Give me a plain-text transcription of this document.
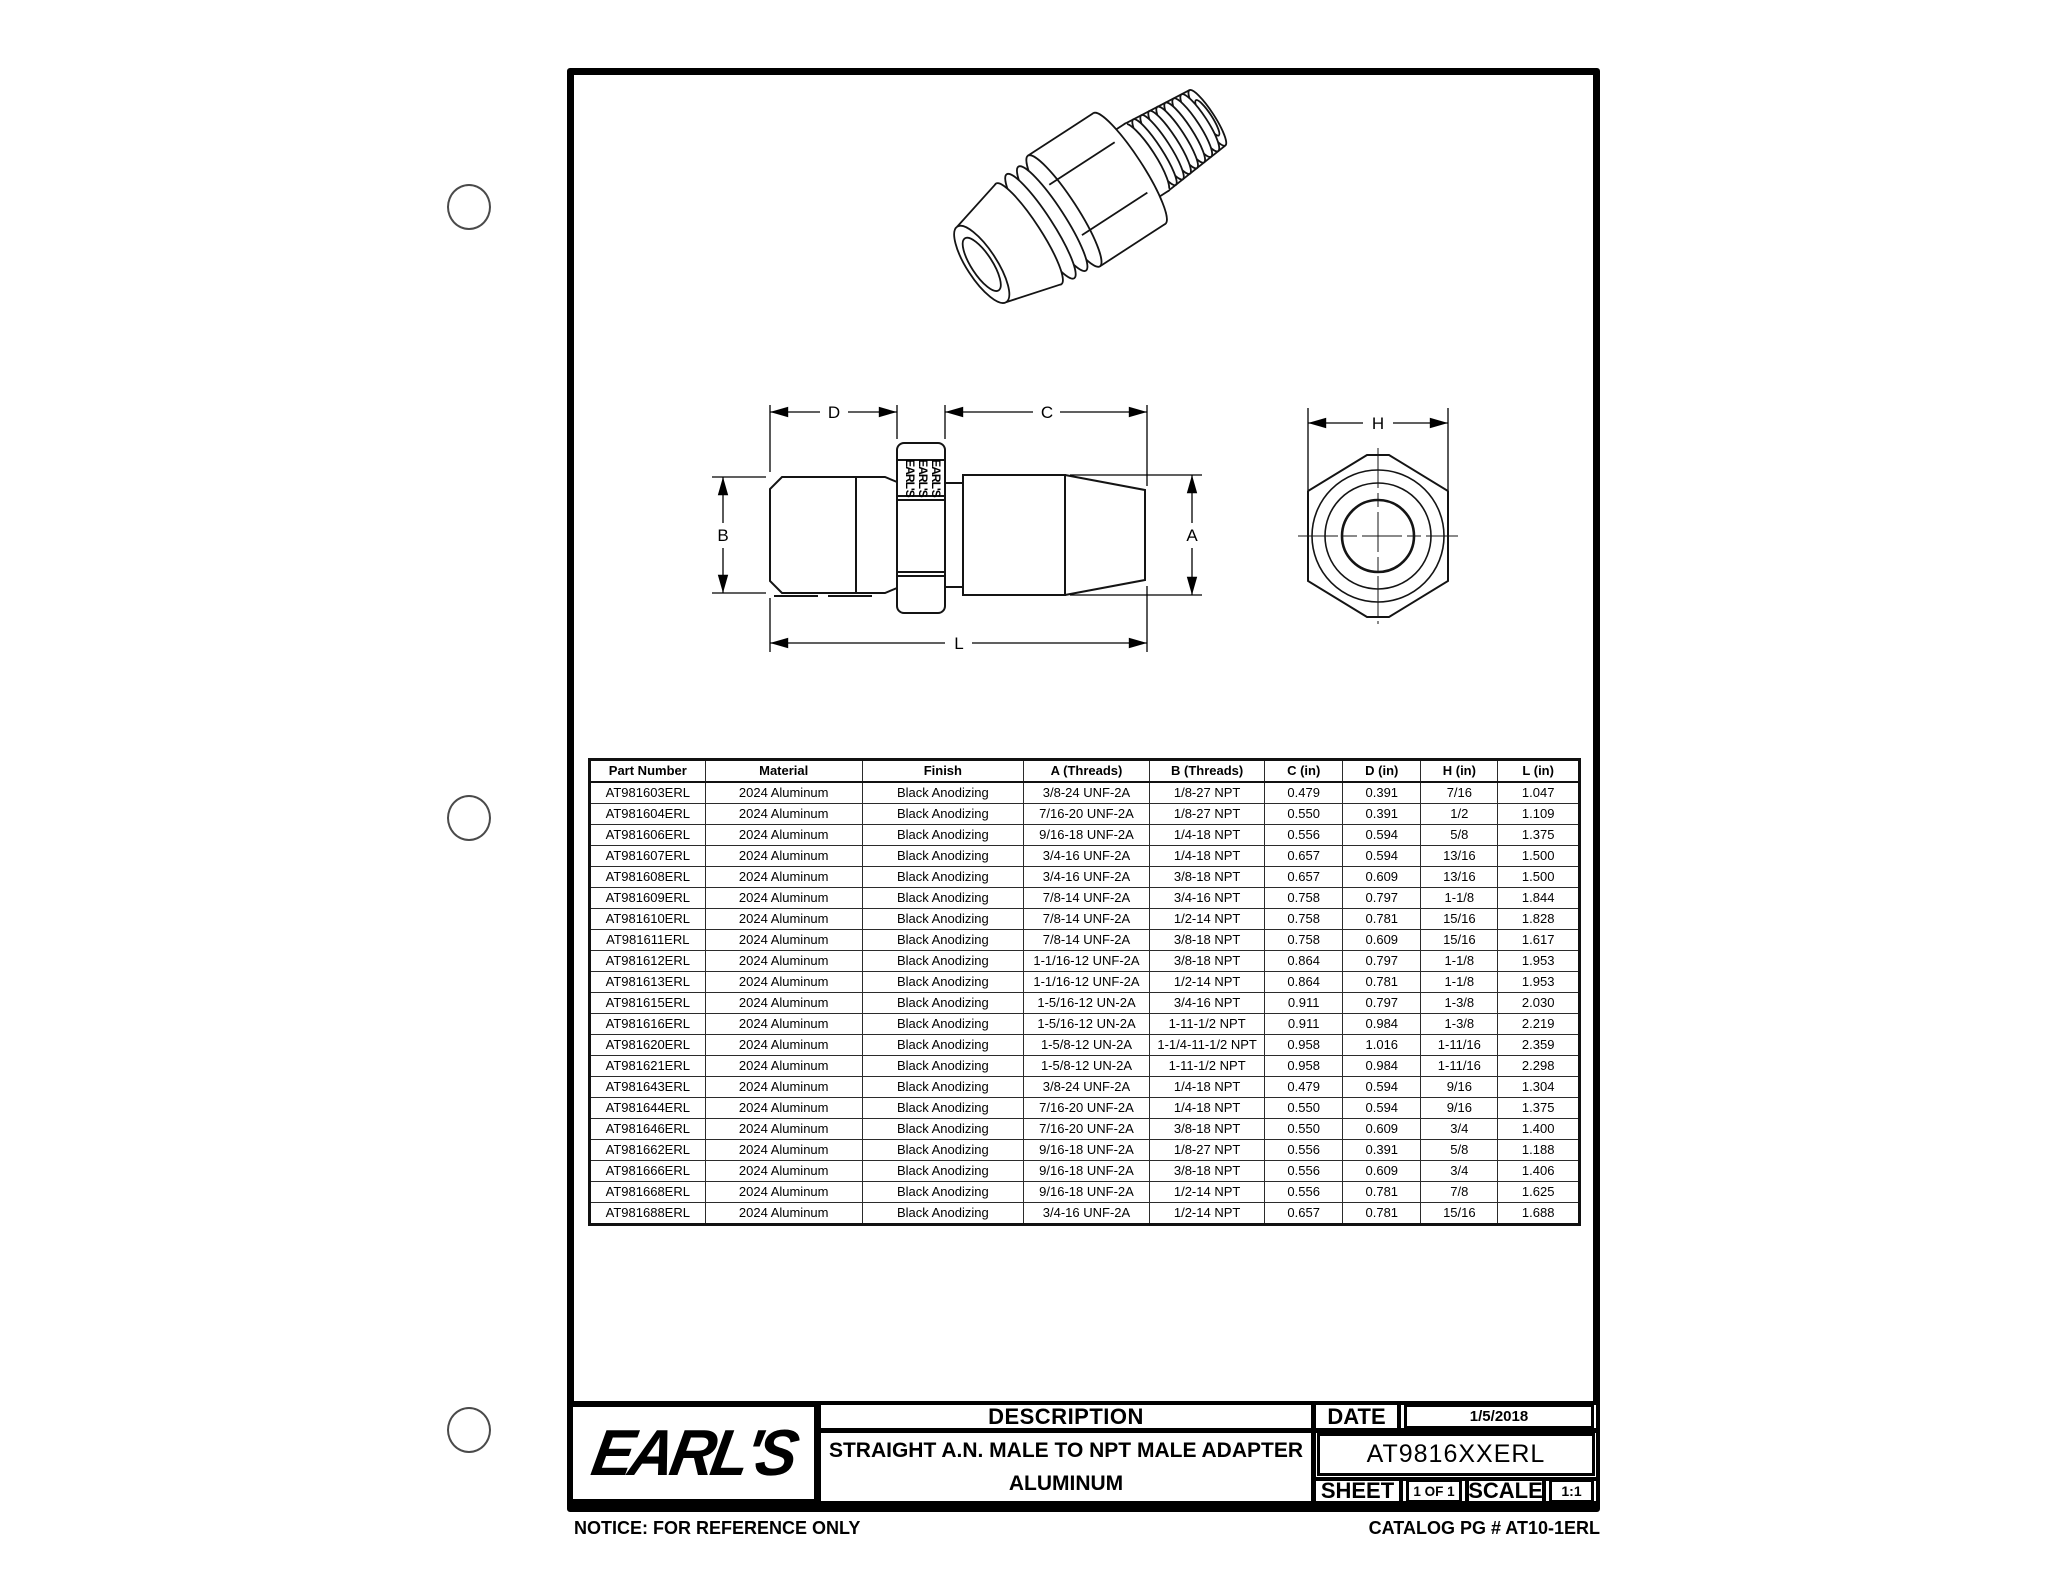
EARL'S EARL'S EARL'S
D	C
B	A
L
H
Part Number	Material	Finish	A (Threads)	B (Threads)	C (in)	D (in)	H (in)	L (in)
AT981603ERL	2024 Aluminum	Black Anodizing	3/8-24 UNF-2A	1/8-27 NPT	0.479	0.391	7/16	1.047
AT981604ERL	2024 Aluminum	Black Anodizing	7/16-20 UNF-2A	1/8-27 NPT	0.550	0.391	1/2	1.109
AT981606ERL	2024 Aluminum	Black Anodizing	9/16-18 UNF-2A	1/4-18 NPT	0.556	0.594	5/8	1.375
AT981607ERL	2024 Aluminum	Black Anodizing	3/4-16 UNF-2A	1/4-18 NPT	0.657	0.594	13/16	1.500
AT981608ERL	2024 Aluminum	Black Anodizing	3/4-16 UNF-2A	3/8-18 NPT	0.657	0.609	13/16	1.500
AT981609ERL	2024 Aluminum	Black Anodizing	7/8-14 UNF-2A	3/4-16 NPT	0.758	0.797	1-1/8	1.844
AT981610ERL	2024 Aluminum	Black Anodizing	7/8-14 UNF-2A	1/2-14 NPT	0.758	0.781	15/16	1.828
AT981611ERL	2024 Aluminum	Black Anodizing	7/8-14 UNF-2A	3/8-18 NPT	0.758	0.609	15/16	1.617
AT981612ERL	2024 Aluminum	Black Anodizing	1-1/16-12 UNF-2A	3/8-18 NPT	0.864	0.797	1-1/8	1.953
AT981613ERL	2024 Aluminum	Black Anodizing	1-1/16-12 UNF-2A	1/2-14 NPT	0.864	0.781	1-1/8	1.953
AT981615ERL	2024 Aluminum	Black Anodizing	1-5/16-12 UN-2A	3/4-16 NPT	0.911	0.797	1-3/8	2.030
AT981616ERL	2024 Aluminum	Black Anodizing	1-5/16-12 UN-2A	1-11-1/2 NPT	0.911	0.984	1-3/8	2.219
AT981620ERL	2024 Aluminum	Black Anodizing	1-5/8-12 UN-2A	1-1/4-11-1/2 NPT	0.958	1.016	1-11/16	2.359
AT981621ERL	2024 Aluminum	Black Anodizing	1-5/8-12 UN-2A	1-11-1/2 NPT	0.958	0.984	1-11/16	2.298
AT981643ERL	2024 Aluminum	Black Anodizing	3/8-24 UNF-2A	1/4-18 NPT	0.479	0.594	9/16	1.304
AT981644ERL	2024 Aluminum	Black Anodizing	7/16-20 UNF-2A	1/4-18 NPT	0.550	0.594	9/16	1.375
AT981646ERL	2024 Aluminum	Black Anodizing	7/16-20 UNF-2A	3/8-18 NPT	0.550	0.609	3/4	1.400
AT981662ERL	2024 Aluminum	Black Anodizing	9/16-18 UNF-2A	1/8-27 NPT	0.556	0.391	5/8	1.188
AT981666ERL	2024 Aluminum	Black Anodizing	9/16-18 UNF-2A	3/8-18 NPT	0.556	0.609	3/4	1.406
AT981668ERL	2024 Aluminum	Black Anodizing	9/16-18 UNF-2A	1/2-14 NPT	0.556	0.781	7/8	1.625
AT981688ERL	2024 Aluminum	Black Anodizing	3/4-16 UNF-2A	1/2-14 NPT	0.657	0.781	15/16	1.688
EARL'S
DESCRIPTION
STRAIGHT A.N. MALE TO NPT MALE ADAPTER
ALUMINUM
DATE	1/5/2018
AT9816XXERL
SHEET 1 OF 1 SCALE 1:1
NOTICE: FOR REFERENCE ONLY	CATALOG PG # AT10-1ERL
